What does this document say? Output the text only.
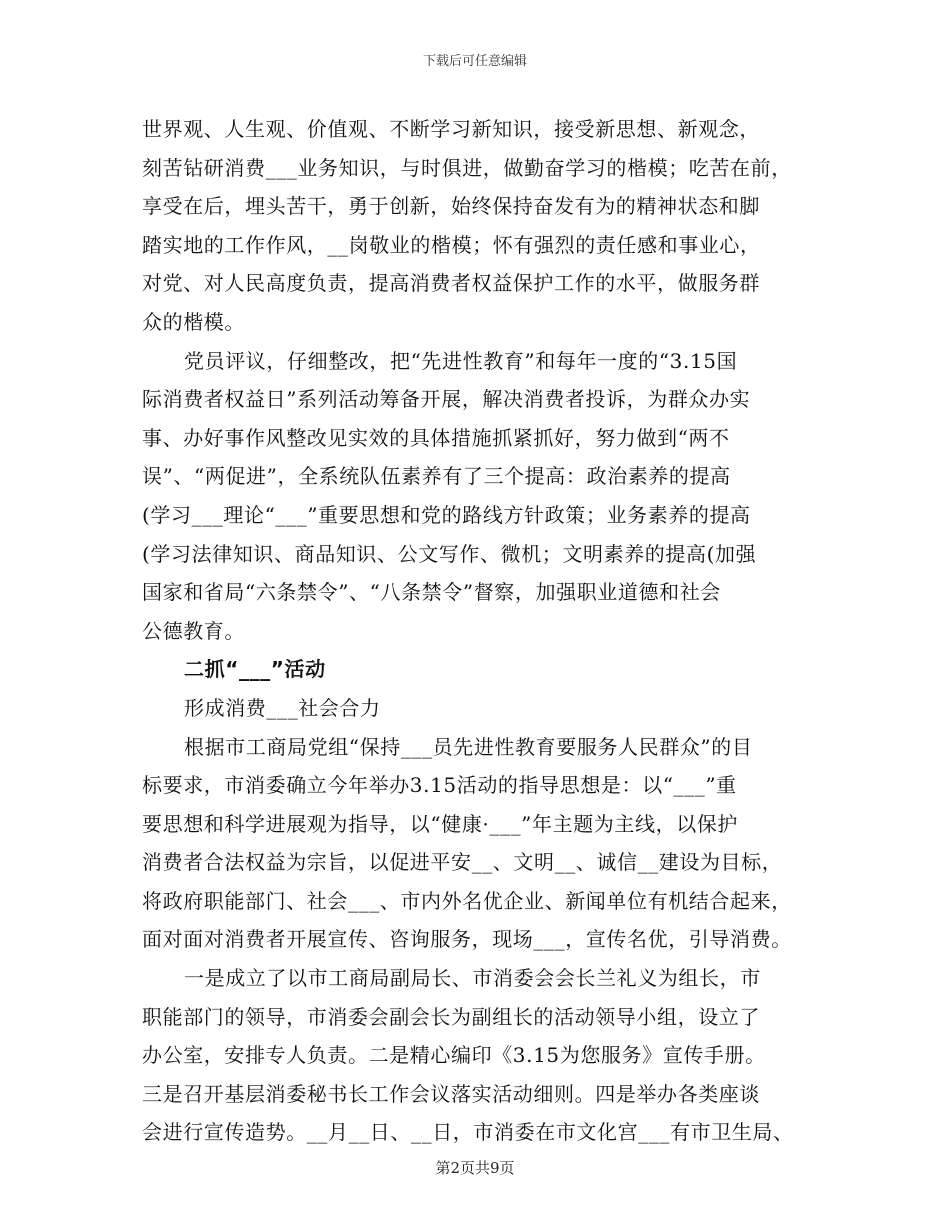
下载后可任意编辑
世界观、人生观、价值观、不断学习新知识，接受新思想、新观念，
刻苦钻研消费___业务知识，与时俱进，做勤奋学习的楷模；吃苦在前，
享受在后，埋头苦干，勇于创新，始终保持奋发有为的精神状态和脚
踏实地的工作作风，__岗敬业的楷模；怀有强烈的责任感和事业心，
对党、对人民高度负责，提高消费者权益保护工作的水平，做服务群
众的楷模。
党员评议，仔细整改，把“先进性教育”和每年一度的“3.15国
际消费者权益日”系列活动筹备开展，解决消费者投诉，为群众办实
事、办好事作风整改见实效的具体措施抓紧抓好，努力做到“两不
误”、“两促进”，全系统队伍素养有了三个提高：政治素养的提高
(学习___理论“___”重要思想和党的路线方针政策；业务素养的提高
(学习法律知识、商品知识、公文写作、微机；文明素养的提高(加强
国家和省局“六条禁令”、“八条禁令”督察，加强职业道德和社会
公德教育。
二抓“___”活动
形成消费___社会合力
根据市工商局党组“保持___员先进性教育要服务人民群众”的目
标要求，市消委确立今年举办3.15活动的指导思想是：以“___”重
要思想和科学进展观为指导，以“健康·___”年主题为主线，以保护
消费者合法权益为宗旨，以促进平安__、文明__、诚信__建设为目标，
将政府职能部门、社会___、市内外名优企业、新闻单位有机结合起来，
面对面对消费者开展宣传、咨询服务，现场___，宣传名优，引导消费。
一是成立了以市工商局副局长、市消委会会长兰礼义为组长，市
职能部门的领导，市消委会副会长为副组长的活动领导小组，设立了
办公室，安排专人负责。二是精心编印《3.15为您服务》宣传手册。
三是召开基层消委秘书长工作会议落实活动细则。四是举办各类座谈
会进行宣传造势。__月__日、__日，市消委在市文化宫___有市卫生局、
第2页共9页
